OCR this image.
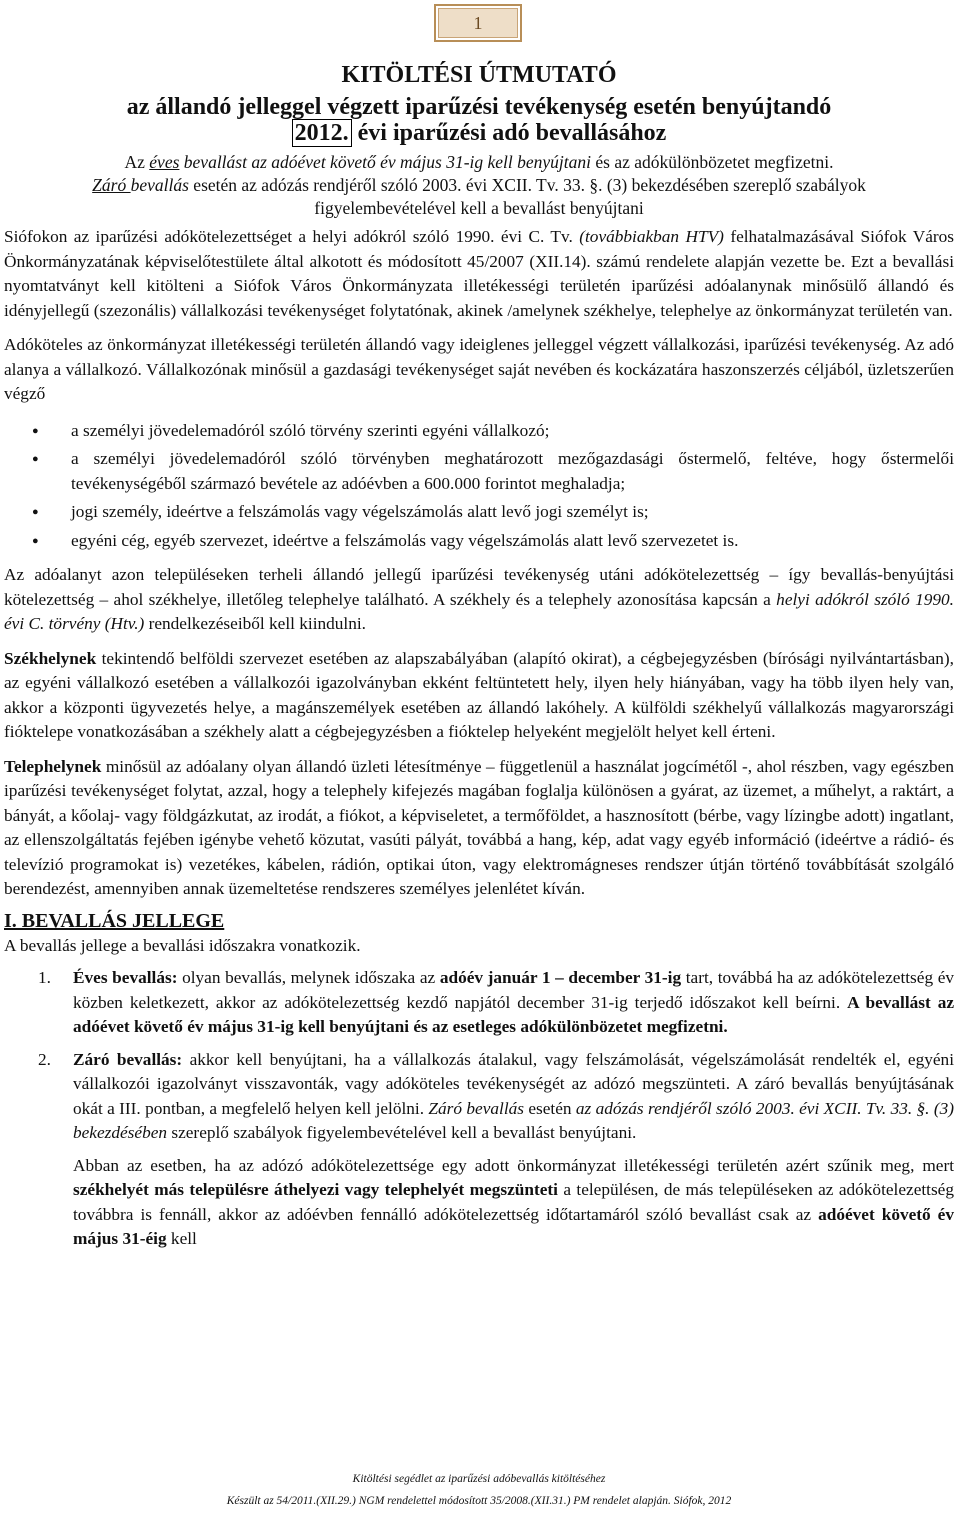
1
KITÖLTÉSI ÚTMUTATÓ
az állandó jelleggel végzett iparűzési tevékenység esetén benyújtandó
2012. évi iparűzési adó bevallásához
Az éves bevallást az adóévet követő év május 31-ig kell benyújtani és az adókülönbözetet megfizetni.
Záró bevallás esetén az adózás rendjéről szóló 2003. évi XCII. Tv. 33. §. (3) bekezdésében szereplő szabályok
figyelembevételével kell a bevallást benyújtani

Siófokon az iparűzési adókötelezettséget a helyi adókról szóló 1990. évi C. Tv. (továbbiakban HTV) felhatalmazásával Siófok Város Önkormányzatának képviselőtestülete által alkotott és módosított 45/2007 (XII.14). számú rendelete alapján vezette be. Ezt a bevallási nyomtatványt kell kitölteni a Siófok Város Önkormányzata illetékességi területén iparűzési adóalanynak minősülő állandó és idényjellegű (szezonális) vállalkozási tevékenységet folytatónak, akinek /amelynek székhelye, telephelye az önkormányzat területén van.

Adóköteles az önkormányzat illetékességi területén állandó vagy ideiglenes jelleggel végzett vállalkozási, iparűzési tevékenység. Az adó alanya a vállalkozó. Vállalkozónak minősül a gazdasági tevékenységet saját nevében és kockázatára haszonszerzés céljából, üzletszerűen végző

● a személyi jövedelemadóról szóló törvény szerinti egyéni vállalkozó;
● a személyi jövedelemadóról szóló törvényben meghatározott mezőgazdasági őstermelő, feltéve, hogy őstermelői tevékenységéből származó bevétele az adóévben a 600.000 forintot meghaladja;
● jogi személy, ideértve a felszámolás vagy végelszámolás alatt levő jogi személyt is;
● egyéni cég, egyéb szervezet, ideértve a felszámolás vagy végelszámolás alatt levő szervezetet is.

Az adóalanyt azon településeken terheli állandó jellegű iparűzési tevékenység utáni adókötelezettség – így bevallás-benyújtási kötelezettség – ahol székhelye, illetőleg telephelye található. A székhely és a telephely azonosítása kapcsán a helyi adókról szóló 1990. évi C. törvény (Htv.) rendelkezéseiből kell kiindulni.

Székhelynek tekintendő belföldi szervezet esetében az alapszabályában (alapító okirat), a cégbejegyzésben (bírósági nyilvántartásban), az egyéni vállalkozó esetében a vállalkozói igazolványban ekként feltüntetett hely, ilyen hely hiányában, vagy ha több ilyen hely van, akkor a központi ügyvezetés helye, a magánszemélyek esetében az állandó lakóhely. A külföldi székhelyű vállalkozás magyarországi fióktelepe vonatkozásában a székhely alatt a cégbejegyzésben a fióktelep helyeként megjelölt helyet kell érteni.

Telephelynek minősül az adóalany olyan állandó üzleti létesítménye – függetlenül a használat jogcímétől -, ahol részben, vagy egészben iparűzési tevékenységet folytat, azzal, hogy a telephely kifejezés magában foglalja különösen a gyárat, az üzemet, a műhelyt, a raktárt, a bányát, a kőolaj- vagy földgázkutat, az irodát, a fiókot, a képviseletet, a termőföldet, a hasznosított (bérbe, vagy lízingbe adott) ingatlant, az ellenszolgáltatás fejében igénybe vehető közutat, vasúti pályát, továbbá a hang, kép, adat vagy egyéb információ (ideértve a rádió- és televízió programokat is) vezetékes, kábelen, rádión, optikai úton, vagy elektromágneses rendszer útján történő továbbítását szolgáló berendezést, amennyiben annak üzemeltetése rendszeres személyes jelenlétet kíván.

I. BEVALLÁS JELLEGE

A bevallás jellege a bevallási időszakra vonatkozik.

1. Éves bevallás: olyan bevallás, melynek időszaka az adóév január 1 – december 31-ig tart, továbbá ha az adókötelezettség év közben keletkezett, akkor az adókötelezettség kezdő napjától december 31-ig terjedő időszakot kell beírni. A bevallást az adóévet követő év május 31-ig kell benyújtani és az esetleges adókülönbözetet megfizetni.
2. Záró bevallás: akkor kell benyújtani, ha a vállalkozás átalakul, vagy felszámolását, végelszámolását rendelték el, egyéni vállalkozói igazolványt visszavonták, vagy adóköteles tevékenységét az adózó megszünteti. A záró bevallás benyújtásának okát a III. pontban, a megfelelő helyen kell jelölni. Záró bevallás esetén az adózás rendjéről szóló 2003. évi XCII. Tv. 33. §. (3) bekezdésében szereplő szabályok figyelembevételével kell a bevallást benyújtani.

Abban az esetben, ha az adózó adókötelezettsége egy adott önkormányzat illetékességi területén azért szűnik meg, mert székhelyét más településre áthelyezi vagy telephelyét megszünteti a településen, de más településeken az adókötelezettség továbbra is fennáll, akkor az adóévben fennálló adókötelezettség időtartamáról szóló bevallást csak az adóévet követő év május 31-éig kell

Kitöltési segédlet az iparűzési adóbevallás kitöltéséhez
Készült az 54/2011.(XII.29.) NGM rendelettel módosított 35/2008.(XII.31.) PM rendelet alapján. Siófok, 2012
